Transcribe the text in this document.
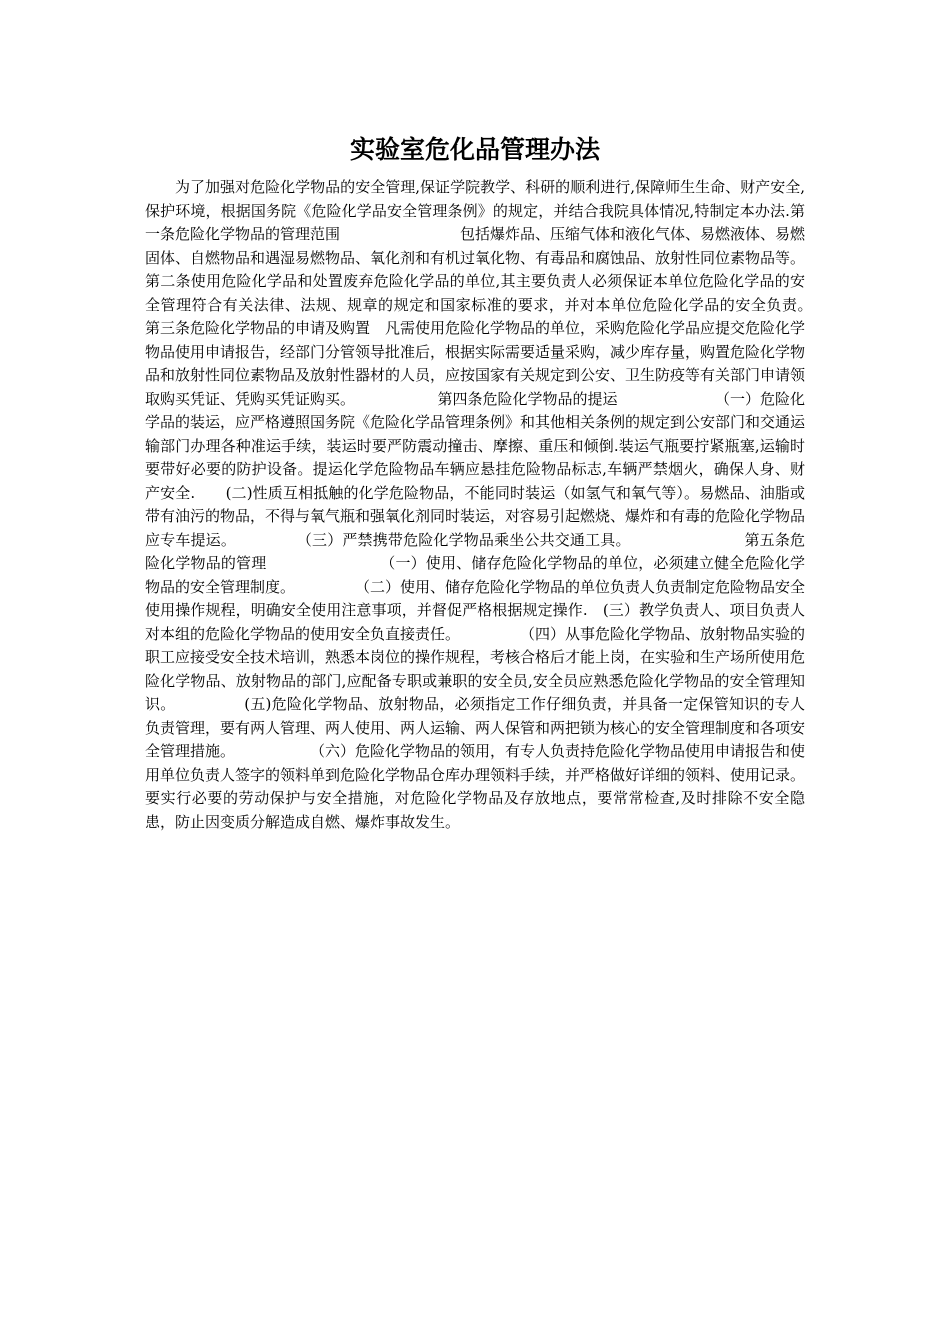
实验室危化品管理办法

为了加强对危险化学物品的安全管理,保证学院教学、科研的顺利进行,保障师生生命、财产安全,保护环境，根据国务院《危险化学品安全管理条例》的规定，并结合我院具体情况,特制定本办法.第一条危险化学物品的管理范围　　　　　　　　包括爆炸品、压缩气体和液化气体、易燃液体、易燃固体、自燃物品和遇湿易燃物品、氧化剂和有机过氧化物、有毒品和腐蚀品、放射性同位素物品等。第二条使用危险化学品和处置废弃危险化学品的单位,其主要负责人必须保证本单位危险化学品的安全管理符合有关法律、法规、规章的规定和国家标准的要求，并对本单位危险化学品的安全负责。　　　　　第三条危险化学物品的申请及购置　凡需使用危险化学物品的单位，采购危险化学品应提交危险化学物品使用申请报告，经部门分管领导批准后，根据实际需要适量采购，减少库存量，购置危险化学物品和放射性同位素物品及放射性器材的人员，应按国家有关规定到公安、卫生防疫等有关部门申请领取购买凭证、凭购买凭证购买。　　　　　　第四条危险化学物品的提运　　　　　　　（一）危险化学品的装运，应严格遵照国务院《危险化学品管理条例》和其他相关条例的规定到公安部门和交通运输部门办理各种准运手续，装运时要严防震动撞击、摩擦、重压和倾倒.装运气瓶要拧紧瓶塞,运输时要带好必要的防护设备。提运化学危险物品车辆应悬挂危险物品标志,车辆严禁烟火，确保人身、财产安全.　　(二)性质互相抵触的化学危险物品，不能同时装运（如氢气和氧气等）。易燃品、油脂或带有油污的物品，不得与氧气瓶和强氧化剂同时装运，对容易引起燃烧、爆炸和有毒的危险化学物品应专车提运。　　　　　（三）严禁携带危险化学物品乘坐公共交通工具。　　　　　　　　第五条危险化学物品的管理　　　　　　　　（一）使用、储存危险化学物品的单位，必须建立健全危险化学物品的安全管理制度。　　　　　（二）使用、储存危险化学物品的单位负责人负责制定危险物品安全使用操作规程，明确安全使用注意事项，并督促严格根据规定操作.　(三）教学负责人、项目负责人对本组的危险化学物品的使用安全负直接责任。　　　　　（四）从事危险化学物品、放射物品实验的职工应接受安全技术培训，熟悉本岗位的操作规程，考核合格后才能上岗，在实验和生产场所使用危险化学物品、放射物品的部门,应配备专职或兼职的安全员,安全员应熟悉危险化学物品的安全管理知识。　　　　　(五)危险化学物品、放射物品，必须指定工作仔细负责，并具备一定保管知识的专人负责管理，要有两人管理、两人使用、两人运输、两人保管和两把锁为核心的安全管理制度和各项安全管理措施。　　　　　　（六）危险化学物品的领用，有专人负责持危险化学物品使用申请报告和使用单位负责人签字的领料单到危险化学物品仓库办理领料手续，并严格做好详细的领料、使用记录。要实行必要的劳动保护与安全措施，对危险化学物品及存放地点，要常常检查,及时排除不安全隐患，防止因变质分解造成自燃、爆炸事故发生。
